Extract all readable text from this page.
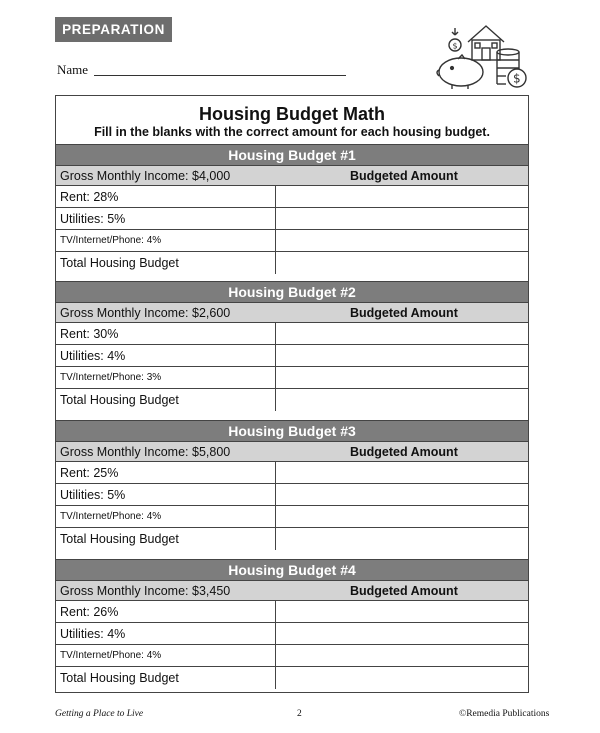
PREPARATION
Name
$
$
Housing Budget Math
Fill in the blanks with the correct amount for each housing budget.
Housing Budget #1
Gross Monthly Income: $4,000	Budgeted Amount
Rent: 28%
Utilities: 5%
TV/Internet/Phone: 4%
Total Housing Budget
Housing Budget #2
Gross Monthly Income: $2,600	Budgeted Amount
Rent: 30%
Utilities: 4%
TV/Internet/Phone: 3%
Total Housing Budget
Housing Budget #3
Gross Monthly Income: $5,800	Budgeted Amount
Rent: 25%
Utilities: 5%
TV/Internet/Phone: 4%
Total Housing Budget
Housing Budget #4
Gross Monthly Income: $3,450	Budgeted Amount
Rent: 26%
Utilities: 4%
TV/Internet/Phone: 4%
Total Housing Budget
Getting a Place to Live	2	©Remedia Publications
